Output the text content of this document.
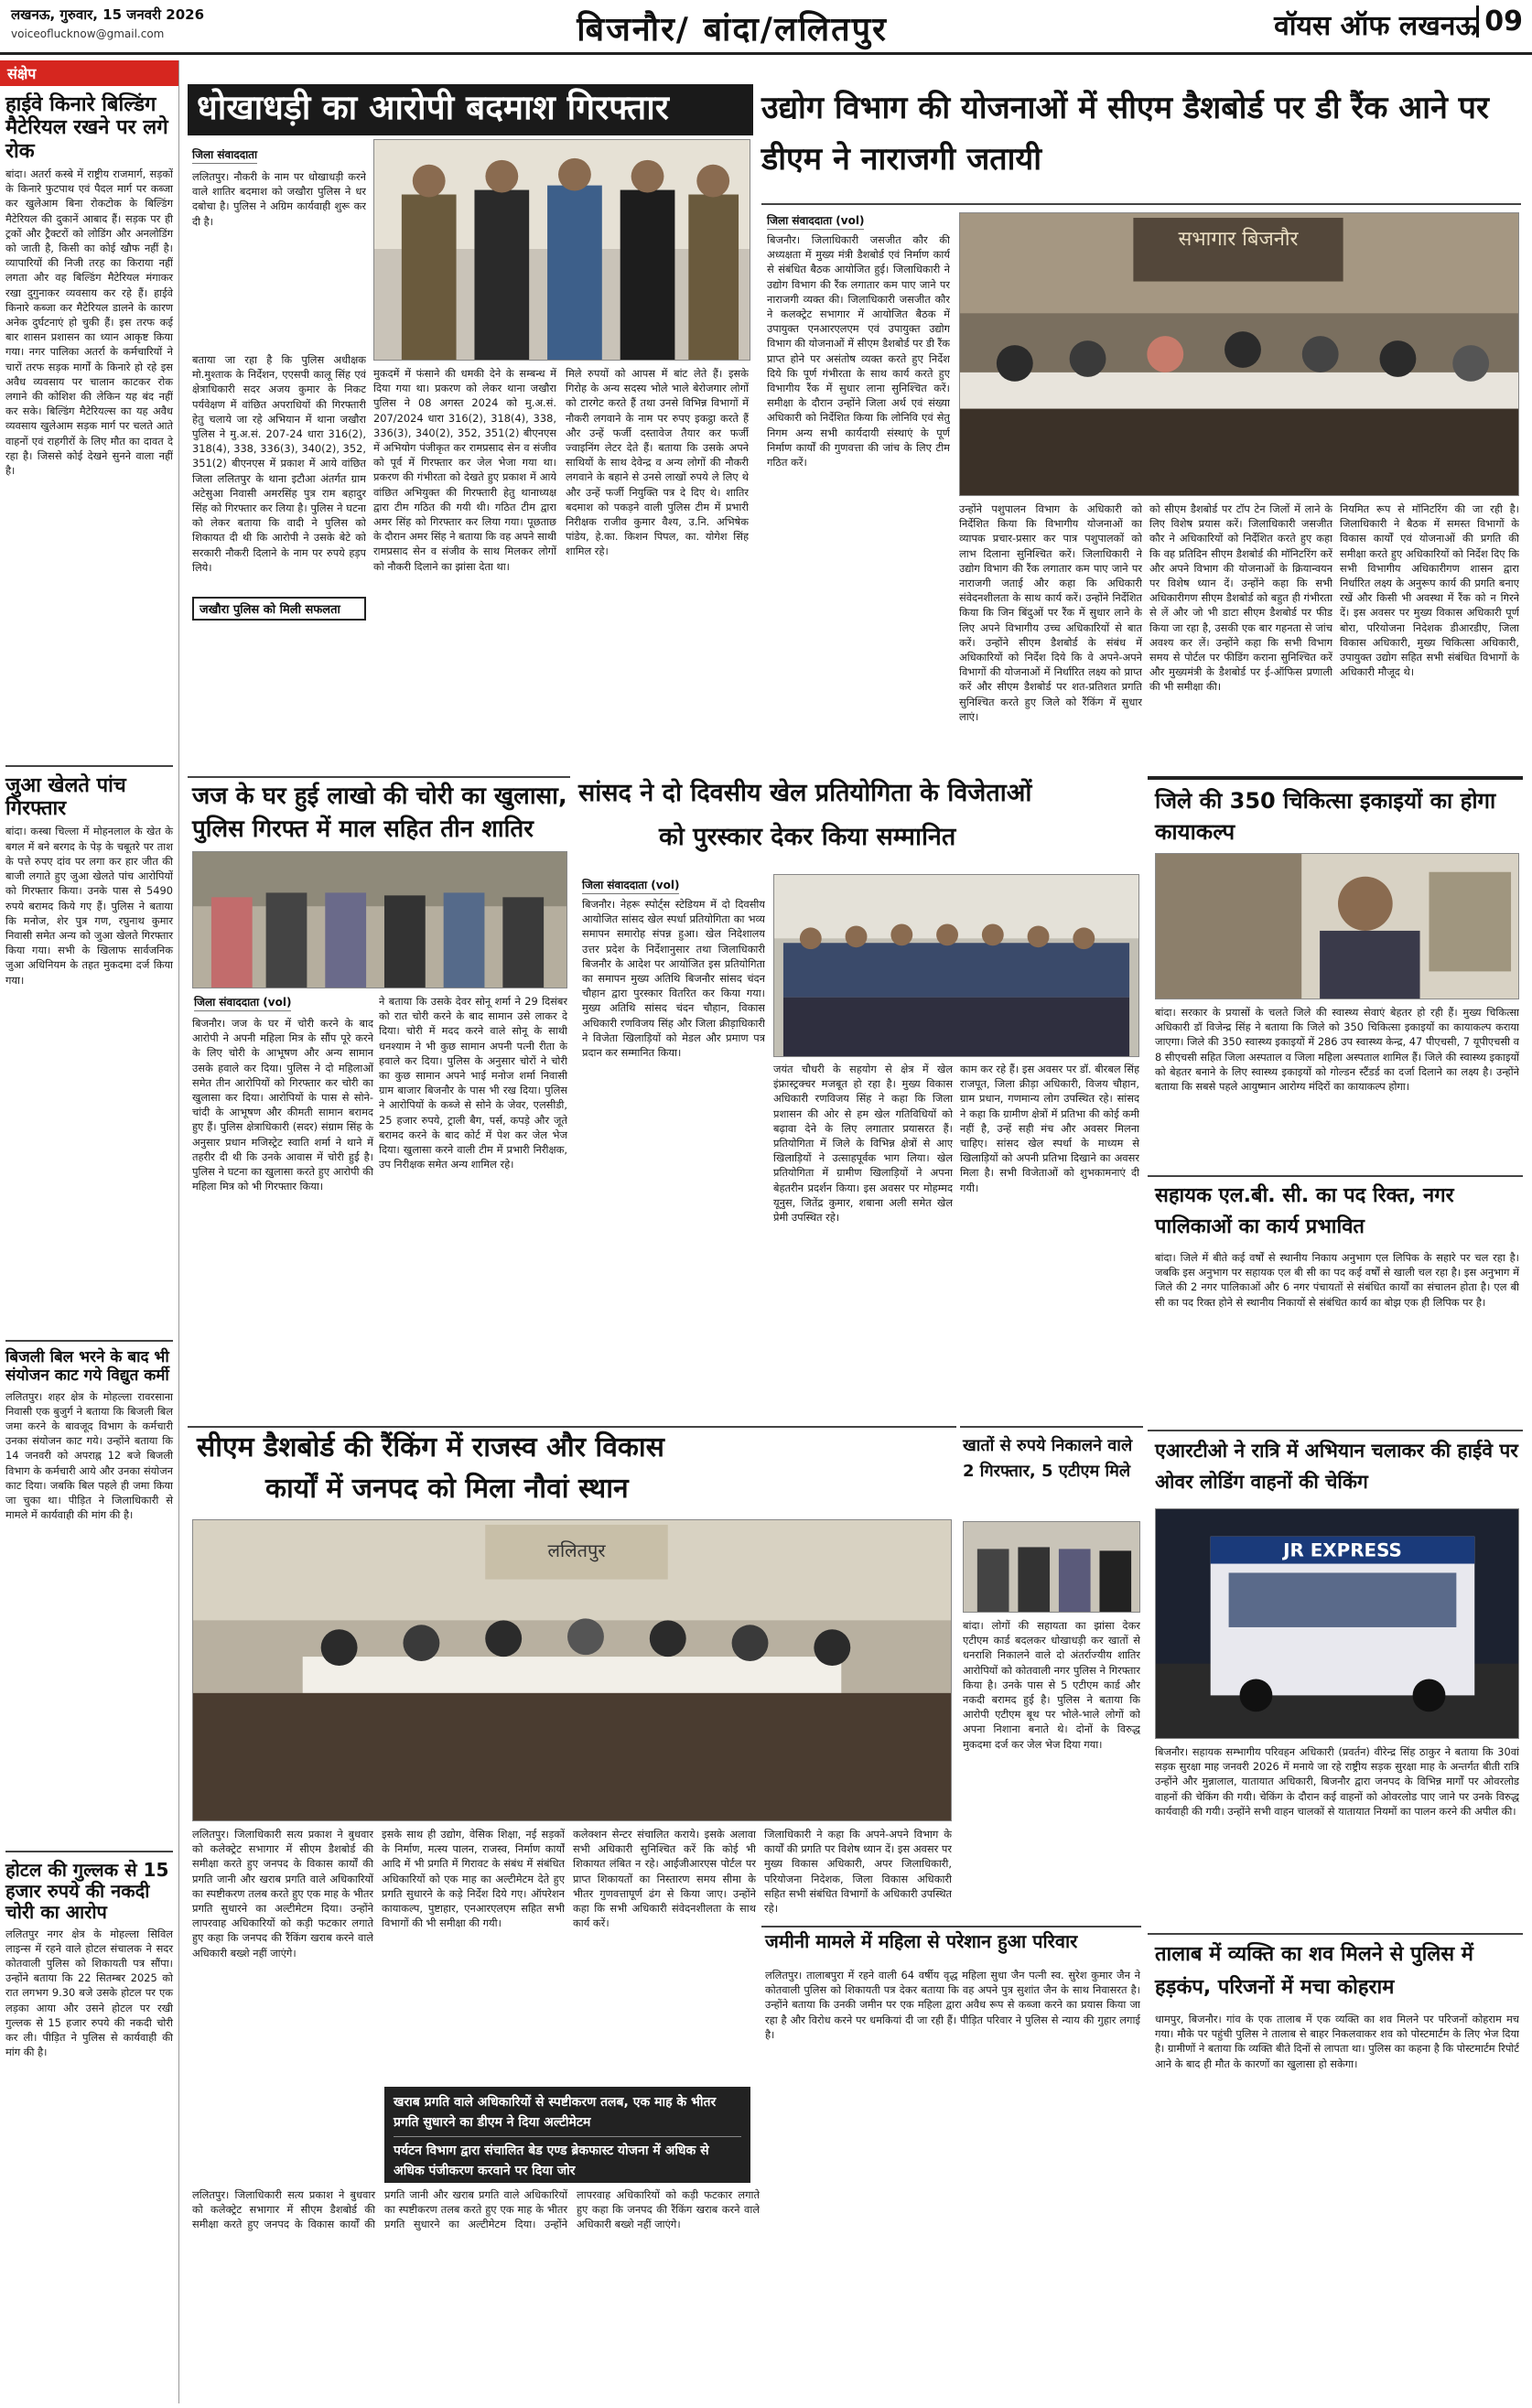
लखनऊ, गुरुवार, 15 जनवरी 2026
voiceoflucknow@gmail.com	बिजनौर/ बांदा/ललितपुर	वॉयस ऑफ लखनऊ 09
संक्षेप
हाईवे किनारे बिल्डिंग मैटेरियल रखने पर लगे रोक
बांदा। अतर्रा कस्बे में राष्ट्रीय राजमार्ग, सड़कों के किनारे फुटपाथ एवं पैदल मार्ग पर कब्जा कर खुलेआम बिना रोकटोक के बिल्डिंग मैटेरियल की दुकानें आबाद हैं। सड़क पर ही ट्रकों और ट्रैक्टरों को लोडिंग और अनलोडिंग को जाती है, किसी का कोई खौफ नहीं है। व्यापारियों की निजी तरह का किराया नहीं लगता और वह बिल्डिंग मैटेरियल मंगाकर रखा दुगुनाकर व्यवसाय कर रहे हैं। हाईवे किनारे कब्जा कर मैटेरियल डालने के कारण अनेक दुर्घटनाएं हो चुकी हैं। इस तरफ कई बार शासन प्रशासन का ध्यान आकृष्ट किया गया। नगर पालिका अतर्रा के कर्मचारियों ने चारों तरफ सड़क मार्गों के किनारे हो रहे इस अवैध व्यवसाय पर चालान काटकर रोक लगाने की कोशिश की लेकिन यह बंद नहीं कर सके। बिल्डिंग मैटेरियल्स का यह अवैध व्यवसाय खुलेआम सड़क मार्ग पर चलते आते वाहनों एवं राहगीरों के लिए मौत का दावत दे रहा है। जिससे कोई देखने सुनने वाला नहीं है।
जुआ खेलते पांच गिरफ्तार
बांदा। कस्बा चिल्ला में मोहनलाल के खेत के बगल में बने बरगद के पेड़ के चबूतरे पर ताश के पत्ते रुपए दांव पर लगा कर हार जीत की बाजी लगाते हुए जुआ खेलते पांच आरोपियों को गिरफ्तार किया। उनके पास से 5490 रुपये बरामद किये गए हैं। पुलिस ने बताया कि मनोज, शेर पुत्र गण, रघुनाथ कुमार निवासी समेत अन्य को जुआ खेलते गिरफ्तार किया गया। सभी के खिलाफ सार्वजनिक जुआ अधिनियम के तहत मुकदमा दर्ज किया गया।
बिजली बिल भरने के बाद भी संयोजन काट गये विद्युत कर्मी
ललितपुर। शहर क्षेत्र के मोहल्ला रावरसाना निवासी एक बुजुर्ग ने बताया कि बिजली बिल जमा करने के बावजूद विभाग के कर्मचारी उनका संयोजन काट गये। उन्होंने बताया कि 14 जनवरी को अपराह्न 12 बजे बिजली विभाग के कर्मचारी आये और उनका संयोजन काट दिया। जबकि बिल पहले ही जमा किया जा चुका था। पीड़ित ने जिलाधिकारी से मामले में कार्यवाही की मांग की है।
होटल की गुल्लक से 15 हजार रुपये की नकदी चोरी का आरोप
ललितपुर नगर क्षेत्र के मोहल्ला सिविल लाइन्स में रहने वाले होटल संचालक ने सदर कोतवाली पुलिस को शिकायती पत्र सौंपा। उन्होंने बताया कि 22 सितम्बर 2025 को रात लगभग 9.30 बजे उसके होटल पर एक लड़का आया और उसने होटल पर रखी गुल्लक से 15 हजार रुपये की नकदी चोरी कर ली। पीड़ित ने पुलिस से कार्यवाही की मांग की है।
धोखाधड़ी का आरोपी बदमाश गिरफ्तार
जिला संवाददाता
ललितपुर। नौकरी के नाम पर धोखाधड़ी करने वाले शातिर बदमाश को जखौरा पुलिस ने धर दबोचा है। पुलिस ने अग्रिम कार्यवाही शुरू कर दी है।
बताया जा रहा है कि पुलिस अधीक्षक मो.मुश्ताक के निर्देशन, एएसपी कालू सिंह एवं क्षेत्राधिकारी सदर अजय कुमार के निकट पर्यवेक्षण में वांछित अपराधियों की गिरफ्तारी हेतु चलाये जा रहे अभियान में थाना जखौरा पुलिस ने मु.अ.सं. 207-24 धारा 316(2), 318(4), 338, 336(3), 340(2), 352, 351(2) बीएनएस में प्रकाश में आये वांछित जिला ललितपुर के थाना इटौआ अंतर्गत ग्राम अटेसुआ निवासी अमरसिंह पुत्र राम बहादुर सिंह को गिरफ्तार कर लिया है। पुलिस ने घटना को लेकर बताया कि वादी ने पुलिस को शिकायत दी थी कि आरोपी ने उसके बेटे को सरकारी नौकरी दिलाने के नाम पर रुपये हड़प लिये।
मुकदमें में फंसाने की धमकी देने के सम्बन्ध में दिया गया था। प्रकरण को लेकर थाना जखौरा पुलिस ने 08 अगस्त 2024 को मु.अ.सं. 207/2024 धारा 316(2), 318(4), 338, 336(3), 340(2), 352, 351(2) बीएनएस में अभियोग पंजीकृत कर रामप्रसाद सेन व संजीव को पूर्व में गिरफ्तार कर जेल भेजा गया था। प्रकरण की गंभीरता को देखते हुए प्रकाश में आये वांछित अभियुक्त की गिरफ्तारी हेतु थानाध्यक्ष द्वारा टीम गठित की गयी थी। गठित टीम द्वारा अमर सिंह को गिरफ्तार कर लिया गया। पूछताछ के दौरान अमर सिंह ने बताया कि वह अपने साथी रामप्रसाद सेन व संजीव के साथ मिलकर लोगों को नौकरी दिलाने का झांसा देता था।
मिले रुपयों को आपस में बांट लेते हैं। इसके गिरोह के अन्य सदस्य भोले भाले बेरोजगार लोगों को टारगेट करते हैं तथा उनसे विभिन्न विभागों में नौकरी लगवाने के नाम पर रुपए इकट्ठा करते हैं और उन्हें फर्जी दस्तावेज तैयार कर फर्जी ज्वाइनिंग लेटर देते हैं। बताया कि उसके अपने साथियों के साथ देवेन्द्र व अन्य लोगों की नौकरी लगवाने के बहाने से उनसे लाखों रुपये ले लिए थे और उन्हें फर्जी नियुक्ति पत्र दे दिए थे। शातिर बदमाश को पकड़ने वाली पुलिस टीम में प्रभारी निरीक्षक राजीव कुमार वैश्य, उ.नि. अभिषेक पांडेय, हे.का. किशन पिपल, का. योगेश सिंह शामिल रहे।
जखौरा पुलिस को मिली सफलता
उद्योग विभाग की योजनाओं में सीएम डैशबोर्ड पर डी रैंक आने पर डीएम ने नाराजगी जतायी
जिला संवाददाता (vol)
बिजनौर। जिलाधिकारी जसजीत कौर की अध्यक्षता में मुख्य मंत्री डैशबोर्ड एवं निर्माण कार्य से संबंधित बैठक आयोजित हुई। जिलाधिकारी ने उद्योग विभाग की रैंक लगातार कम पाए जाने पर नाराजगी व्यक्त की। जिलाधिकारी जसजीत कौर ने कलक्ट्रेट सभागार में आयोजित बैठक में उपायुक्त एनआरएलएम एवं उपायुक्त उद्योग विभाग की योजनाओं में सीएम डैशबोर्ड पर डी रैंक प्राप्त होने पर असंतोष व्यक्त करते हुए निर्देश दिये कि पूर्ण गंभीरता के साथ कार्य करते हुए विभागीय रैंक में सुधार लाना सुनिश्चित करें। समीक्षा के दौरान उन्होंने जिला अर्थ एवं संख्या अधिकारी को निर्देशित किया कि लोनिवि एवं सेतु निगम अन्य सभी कार्यदायी संस्थाएं के पूर्ण निर्माण कार्यों की गुणवत्ता की जांच के लिए टीम गठित करें।
सभागार बिजनौर
उन्होंने पशुपालन विभाग के अधिकारी को निर्देशित किया कि विभागीय योजनाओं का व्यापक प्रचार-प्रसार कर पात्र पशुपालकों को लाभ दिलाना सुनिश्चित करें। जिलाधिकारी ने उद्योग विभाग की रैंक लगातार कम पाए जाने पर नाराजगी जताई और कहा कि अधिकारी संवेदनशीलता के साथ कार्य करें। उन्होंने निर्देशित किया कि जिन बिंदुओं पर रैंक में सुधार लाने के लिए अपने विभागीय उच्च अधिकारियों से बात करें। उन्होंने सीएम डैशबोर्ड के संबंध में अधिकारियों को निर्देश दिये कि वे अपने-अपने विभागों की योजनाओं में निर्धारित लक्ष्य को प्राप्त करें और सीएम डैशबोर्ड पर शत-प्रतिशत प्रगति सुनिश्चित करते हुए जिले को रैंकिंग में सुधार लाएं।
को सीएम डैशबोर्ड पर टॉप टेन जिलों में लाने के लिए विशेष प्रयास करें। जिलाधिकारी जसजीत कौर ने अधिकारियों को निर्देशित करते हुए कहा कि वह प्रतिदिन सीएम डैशबोर्ड की मॉनिटरिंग करें और अपने विभाग की योजनाओं के क्रियान्वयन पर विशेष ध्यान दें। उन्होंने कहा कि सभी अधिकारीगण सीएम डैशबोर्ड को बहुत ही गंभीरता से लें और जो भी डाटा सीएम डैशबोर्ड पर फीड किया जा रहा है, उसकी एक बार गहनता से जांच अवश्य कर लें। उन्होंने कहा कि सभी विभाग समय से पोर्टल पर फीडिंग कराना सुनिश्चित करें और मुख्यमंत्री के डैशबोर्ड पर ई-ऑफिस प्रणाली की भी समीक्षा की।
नियमित रूप से मॉनिटरिंग की जा रही है। जिलाधिकारी ने बैठक में समस्त विभागों के विकास कार्यों एवं योजनाओं की प्रगति की समीक्षा करते हुए अधिकारियों को निर्देश दिए कि सभी विभागीय अधिकारीगण शासन द्वारा निर्धारित लक्ष्य के अनुरूप कार्य की प्रगति बनाए रखें और किसी भी अवस्था में रैंक को न गिरने दें। इस अवसर पर मुख्य विकास अधिकारी पूर्ण बोरा, परियोजना निदेशक डीआरडीए, जिला विकास अधिकारी, मुख्य चिकित्सा अधिकारी, उपायुक्त उद्योग सहित सभी संबंधित विभागों के अधिकारी मौजूद थे।
जज के घर हुई लाखो की चोरी का खुलासा, पुलिस गिरफ्त में माल सहित तीन शातिर
जिला संवाददाता (vol)
बिजनौर। जज के घर में चोरी करने के बाद आरोपी ने अपनी महिला मित्र के सौंप पूरे करने के लिए चोरी के आभूषण और अन्य सामान उसके हवाले कर दिया। पुलिस ने दो महिलाओं समेत तीन आरोपियों को गिरफ्तार कर चोरी का खुलासा कर दिया। आरोपियों के पास से सोने-चांदी के आभूषण और कीमती सामान बरामद हुए हैं। पुलिस क्षेत्राधिकारी (सदर) संग्राम सिंह के अनुसार प्रधान मजिस्ट्रेट स्वाति शर्मा ने थाने में तहरीर दी थी कि उनके आवास में चोरी हुई है। पुलिस ने घटना का खुलासा करते हुए आरोपी की महिला मित्र को भी गिरफ्तार किया।
ने बताया कि उसके देवर सोनू शर्मा ने 29 दिसंबर को रात चोरी करने के बाद सामान उसे लाकर दे दिया। चोरी में मदद करने वाले सोनू के साथी धनश्याम ने भी कुछ सामान अपनी पत्नी रीता के हवाले कर दिया। पुलिस के अनुसार चोरों ने चोरी का कुछ सामान अपने भाई मनोज शर्मा निवासी ग्राम बाजार बिजनौर के पास भी रख दिया। पुलिस ने आरोपियों के कब्जे से सोने के जेवर, एलसीडी, 25 हजार रुपये, ट्राली बैग, पर्स, कपड़े और जूते बरामद करने के बाद कोर्ट में पेश कर जेल भेज दिया। खुलासा करने वाली टीम में प्रभारी निरीक्षक, उप निरीक्षक समेत अन्य शामिल रहे।
सांसद ने दो दिवसीय खेल प्रतियोगिता के विजेताओं
को पुरस्कार देकर किया सम्मानित
जिला संवाददाता (vol)
बिजनौर। नेहरू स्पोर्ट्स स्टेडियम में दो दिवसीय आयोजित सांसद खेल स्पर्धा प्रतियोगिता का भव्य समापन समारोह संपन्न हुआ। खेल निदेशालय उत्तर प्रदेश के निर्देशानुसार तथा जिलाधिकारी बिजनौर के आदेश पर आयोजित इस प्रतियोगिता का समापन मुख्य अतिथि बिजनौर सांसद चंदन चौहान द्वारा पुरस्कार वितरित कर किया गया। मुख्य अतिथि सांसद चंदन चौहान, विकास अधिकारी रणविजय सिंह और जिला क्रीड़ाधिकारी ने विजेता खिलाड़ियों को मेडल और प्रमाण पत्र प्रदान कर सम्मानित किया।
जयंत चौधरी के सहयोग से क्षेत्र में खेल इंफ्रास्ट्रक्चर मजबूत हो रहा है। मुख्य विकास अधिकारी रणविजय सिंह ने कहा कि जिला प्रशासन की ओर से हम खेल गतिविधियों को बढ़ावा देने के लिए लगातार प्रयासरत हैं। प्रतियोगिता में जिले के विभिन्न क्षेत्रों से आए खिलाड़ियों ने उत्साहपूर्वक भाग लिया। खेल प्रतियोगिता में ग्रामीण खिलाड़ियों ने अपना बेहतरीन प्रदर्शन किया। इस अवसर पर मोहम्मद यूनुस, जितेंद्र कुमार, शबाना अली समेत खेल प्रेमी उपस्थित रहे।
काम कर रहे हैं। इस अवसर पर डॉ. बीरबल सिंह राजपूत, जिला क्रीड़ा अधिकारी, विजय चौहान, ग्राम प्रधान, गणमान्य लोग उपस्थित रहे। सांसद ने कहा कि ग्रामीण क्षेत्रों में प्रतिभा की कोई कमी नहीं है, उन्हें सही मंच और अवसर मिलना चाहिए। सांसद खेल स्पर्धा के माध्यम से खिलाड़ियों को अपनी प्रतिभा दिखाने का अवसर मिला है। सभी विजेताओं को शुभकामनाएं दी गयी।
जिले की 350 चिकित्सा इकाइयों का होगा कायाकल्प
बांदा। सरकार के प्रयासों के चलते जिले की स्वास्थ्य सेवाएं बेहतर हो रही हैं। मुख्य चिकित्सा अधिकारी डॉ विजेन्द्र सिंह ने बताया कि जिले को 350 चिकित्सा इकाइयों का कायाकल्प कराया जाएगा। जिले की 350 स्वास्थ्य इकाइयों में 286 उप स्वास्थ्य केन्द्र, 47 पीएचसी, 7 यूपीएचसी व 8 सीएचसी सहित जिला अस्पताल व जिला महिला अस्पताल शामिल हैं। जिले की स्वास्थ्य इकाइयों को बेहतर बनाने के लिए स्वास्थ्य इकाइयों को गोल्डन स्टैंडर्ड का दर्जा दिलाने का लक्ष्य है। उन्होंने बताया कि सबसे पहले आयुष्मान आरोग्य मंदिरों का कायाकल्प होगा।
सहायक एल.बी. सी. का पद रिक्त, नगर पालिकाओं का कार्य प्रभावित
बांदा। जिले में बीते कई वर्षों से स्थानीय निकाय अनुभाग एल लिपिक के सहारे पर चल रहा है। जबकि इस अनुभाग पर सहायक एल बी सी का पद कई वर्षों से खाली चल रहा है। इस अनुभाग में जिले की 2 नगर पालिकाओं और 6 नगर पंचायतों से संबंधित कार्यों का संचालन होता है। एल बी सी का पद रिक्त होने से स्थानीय निकायों से संबंधित कार्य का बोझ एक ही लिपिक पर है।
एआरटीओ ने रात्रि में अभियान चलाकर की हाईवे पर ओवर लोडिंग वाहनों की चेकिंग
JR EXPRESS
बिजनौर। सहायक सम्भागीय परिवहन अधिकारी (प्रवर्तन) वीरेन्द्र सिंह ठाकुर ने बताया कि 30वां सड़क सुरक्षा माह जनवरी 2026 में मनाये जा रहे राष्ट्रीय सड़क सुरक्षा माह के अन्तर्गत बीती रात्रि उन्होंने और मुन्नालाल, यातायात अधिकारी, बिजनौर द्वारा जनपद के विभिन्न मार्गों पर ओवरलोड वाहनों की चेकिंग की गयी। चेकिंग के दौरान कई वाहनों को ओवरलोड पाए जाने पर उनके विरुद्ध कार्यवाही की गयी। उन्होंने सभी वाहन चालकों से यातायात नियमों का पालन करने की अपील की।
तालाब में व्यक्ति का शव मिलने से पुलिस में हड़कंप, परिजनों में मचा कोहराम
धामपुर, बिजनौर। गांव के एक तालाब में एक व्यक्ति का शव मिलने पर परिजनों कोहराम मच गया। मौके पर पहुंची पुलिस ने तालाब से बाहर निकलवाकर शव को पोस्टमार्टम के लिए भेज दिया है। ग्रामीणों ने बताया कि व्यक्ति बीते दिनों से लापता था। पुलिस का कहना है कि पोस्टमार्टम रिपोर्ट आने के बाद ही मौत के कारणों का खुलासा हो सकेगा।
सीएम डैशबोर्ड की रैंकिंग में राजस्व और विकास
कार्यों में जनपद को मिला नौवां स्थान
ललितपुर
ललितपुर। जिलाधिकारी सत्य प्रकाश ने बुधवार को कलेक्ट्रेट सभागार में सीएम डैशबोर्ड की समीक्षा करते हुए जनपद के विकास कार्यों की प्रगति जानी और खराब प्रगति वाले अधिकारियों का स्पष्टीकरण तलब करते हुए एक माह के भीतर प्रगति सुधारने का अल्टीमेटम दिया। उन्होंने लापरवाह अधिकारियों को कड़ी फटकार लगाते हुए कहा कि जनपद की रैंकिंग खराब करने वाले अधिकारी बख्शे नहीं जाएंगे।
इसके साथ ही उद्योग, वेसिक शिक्षा, नई सड़कों के निर्माण, मत्स्य पालन, राजस्व, निर्माण कार्यों आदि में भी प्रगति में गिरावट के संबंध में संबंधित अधिकारियों को एक माह का अल्टीमेटम देते हुए प्रगति सुधारने के कड़े निर्देश दिये गए। ऑपरेशन कायाकल्प, पुष्टाहार, एनआरएलएम सहित सभी विभागों की भी समीक्षा की गयी।
कलेक्शन सेन्टर संचालित कराये। इसके अलावा सभी अधिकारी सुनिश्चित करें कि कोई भी शिकायत लंबित न रहे। आईजीआरएस पोर्टल पर प्राप्त शिकायतों का निस्तारण समय सीमा के भीतर गुणवत्तापूर्ण ढंग से किया जाए। उन्होंने कहा कि सभी अधिकारी संवेदनशीलता के साथ कार्य करें।
जिलाधिकारी ने कहा कि अपने-अपने विभाग के कार्यों की प्रगति पर विशेष ध्यान दें। इस अवसर पर मुख्य विकास अधिकारी, अपर जिलाधिकारी, परियोजना निदेशक, जिला विकास अधिकारी सहित सभी संबंधित विभागों के अधिकारी उपस्थित रहे।
खराब प्रगति वाले अधिकारियों से स्पष्टीकरण तलब, एक माह के भीतर प्रगति सुधारने का डीएम ने दिया अल्टीमेटम
पर्यटन विभाग द्वारा संचालित बेड एण्ड ब्रेकफास्ट योजना में अधिक से अधिक पंजीकरण करवाने पर दिया जोर
ललितपुर। जिलाधिकारी सत्य प्रकाश ने बुधवार को कलेक्ट्रेट सभागार में सीएम डैशबोर्ड की समीक्षा करते हुए जनपद के विकास कार्यों की प्रगति जानी और खराब प्रगति वाले अधिकारियों का स्पष्टीकरण तलब करते हुए एक माह के भीतर प्रगति सुधारने का अल्टीमेटम दिया। उन्होंने लापरवाह अधिकारियों को कड़ी फटकार लगाते हुए कहा कि जनपद की रैंकिंग खराब करने वाले अधिकारी बख्शे नहीं जाएंगे।
खातों से रुपये निकालने वाले 2 गिरफ्तार, 5 एटीएम मिले
बांदा। लोगों की सहायता का झांसा देकर एटीएम कार्ड बदलकर धोखाधड़ी कर खातों से धनराशि निकालने वाले दो अंतर्राज्यीय शातिर आरोपियों को कोतवाली नगर पुलिस ने गिरफ्तार किया है। उनके पास से 5 एटीएम कार्ड और नकदी बरामद हुई है। पुलिस ने बताया कि आरोपी एटीएम बूथ पर भोले-भाले लोगों को अपना निशाना बनाते थे। दोनों के विरुद्ध मुकदमा दर्ज कर जेल भेज दिया गया।
जमीनी मामले में महिला से परेशान हुआ परिवार
ललितपुर। तालाबपुरा में रहने वाली 64 वर्षीय वृद्ध महिला सुधा जैन पत्नी स्व. सुरेश कुमार जैन ने कोतवाली पुलिस को शिकायती पत्र देकर बताया कि वह अपने पुत्र सुशांत जैन के साथ निवासरत है। उन्होंने बताया कि उनकी जमीन पर एक महिला द्वारा अवैध रूप से कब्जा करने का प्रयास किया जा रहा है और विरोध करने पर धमकियां दी जा रही हैं। पीड़ित परिवार ने पुलिस से न्याय की गुहार लगाई है।
